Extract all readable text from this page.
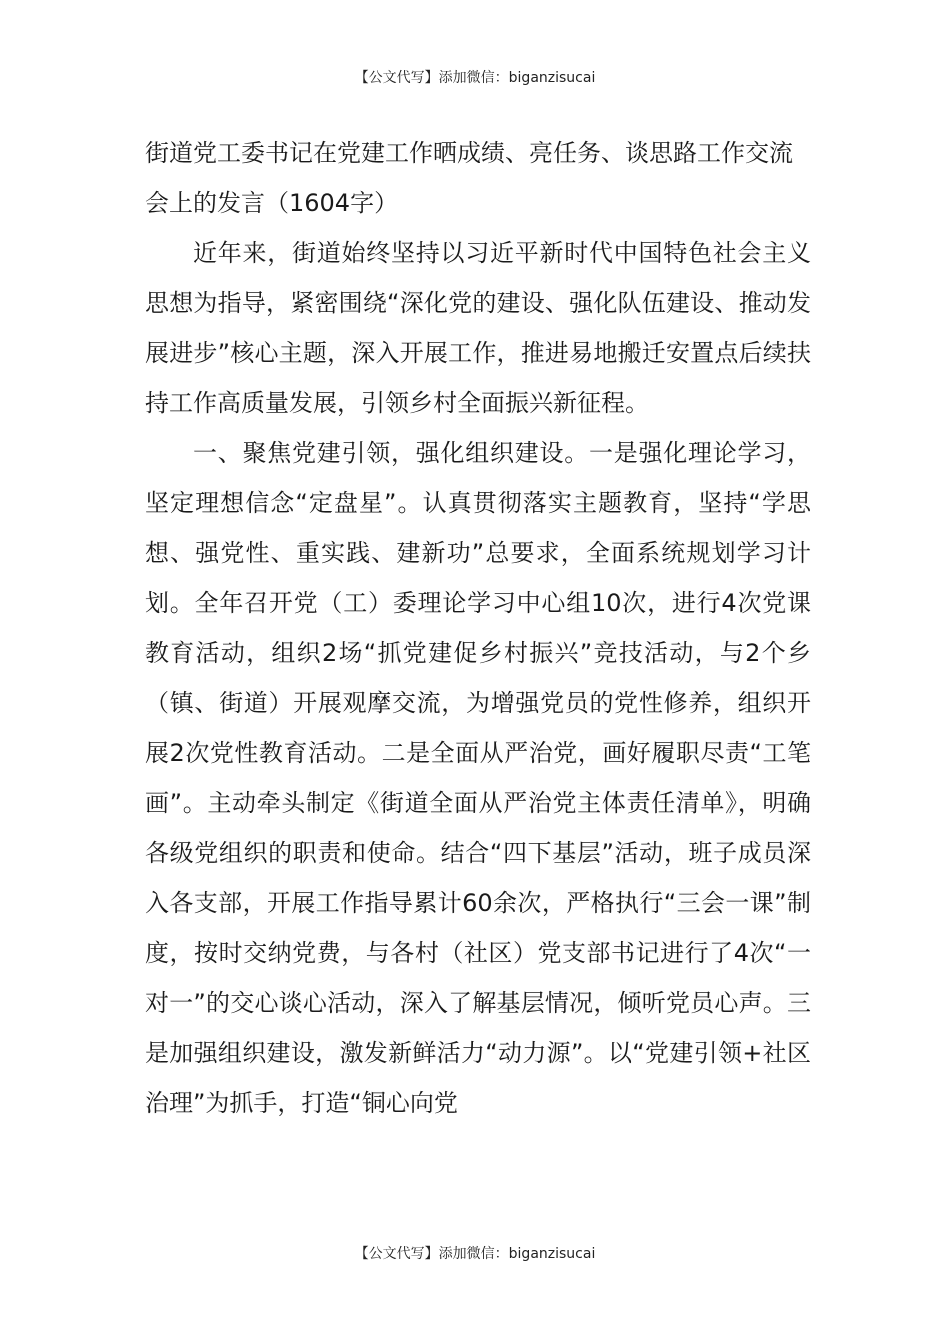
【公文代写】添加微信：biganzisucai

街道党工委书记在党建工作晒成绩、亮任务、谈思路工作交流会上的发言（1604字）

近年来，街道始终坚持以习近平新时代中国特色社会主义思想为指导，紧密围绕“深化党的建设、强化队伍建设、推动发展进步”核心主题，深入开展工作，推进易地搬迁安置点后续扶持工作高质量发展，引领乡村全面振兴新征程。

一、聚焦党建引领，强化组织建设。一是强化理论学习，坚定理想信念“定盘星”。认真贯彻落实主题教育，坚持“学思想、强党性、重实践、建新功”总要求，全面系统规划学习计划。全年召开党（工）委理论学习中心组10次，进行4次党课教育活动，组织2场“抓党建促乡村振兴”竞技活动，与2个乡（镇、街道）开展观摩交流，为增强党员的党性修养，组织开展2次党性教育活动。二是全面从严治党，画好履职尽责“工笔画”。主动牵头制定《街道全面从严治党主体责任清单》，明确各级党组织的职责和使命。结合“四下基层”活动，班子成员深入各支部，开展工作指导累计60余次，严格执行“三会一课”制度，按时交纳党费，与各村（社区）党支部书记进行了4次“一对一”的交心谈心活动，深入了解基层情况，倾听党员心声。三是加强组织建设，激发新鲜活力“动力源”。以“党建引领+社区治理”为抓手，打造“铜心向党

【公文代写】添加微信：biganzisucai
